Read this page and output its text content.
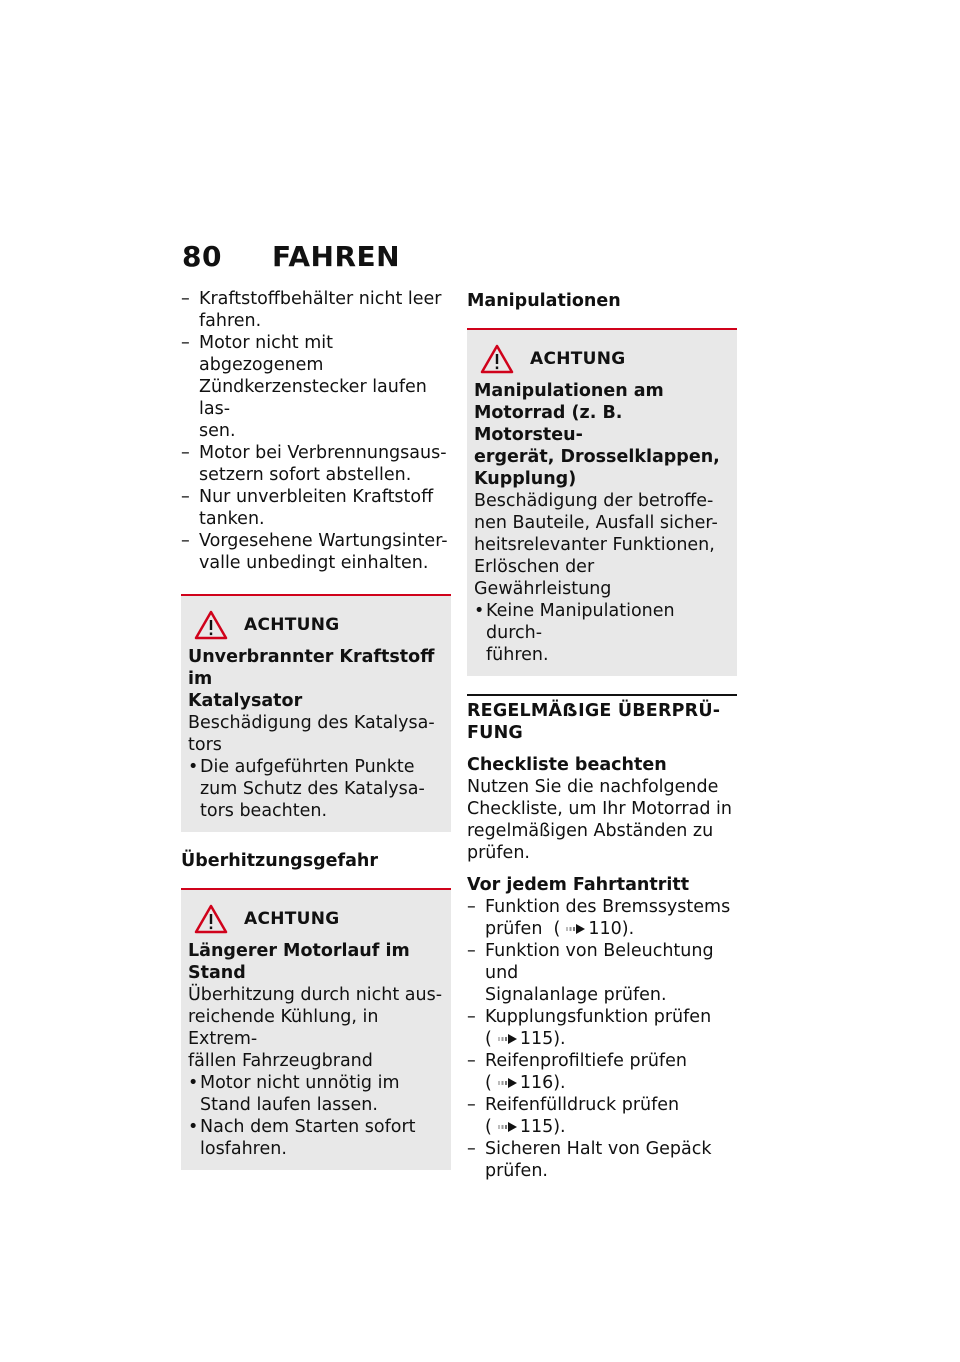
80 FAHREN
– Kraftstoffbehälter nicht leer
fahren.
– Motor nicht mit abgezogenem
Zündkerzenstecker laufen las-
sen.
– Motor bei Verbrennungsaus-
setzern sofort abstellen.
– Nur unverbleiten Kraftstoff
tanken.
– Vorgesehene Wartungsinter-
valle unbedingt einhalten.
ACHTUNG
Unverbrannter Kraftstoff im
Katalysator
Beschädigung des Katalysa-
tors
• Die aufgeführten Punkte
zum Schutz des Katalysa-
tors beachten.
Überhitzungsgefahr
ACHTUNG
Längerer Motorlauf im Stand
Überhitzung durch nicht aus-
reichende Kühlung, in Extrem-
fällen Fahrzeugbrand
• Motor nicht unnötig im
Stand laufen lassen.
• Nach dem Starten sofort
losfahren.
Manipulationen
ACHTUNG
Manipulationen am
Motorrad (z. B. Motorsteu-
ergerät, Drosselklappen,
Kupplung)
Beschädigung der betroffe-
nen Bauteile, Ausfall sicher-
heitsrelevanter Funktionen,
Erlöschen der Gewährleistung
• Keine Manipulationen durch-
führen.
REGELMÄẞIGE ÜBERPRÜ-
FUNG
Checkliste beachten
Nutzen Sie die nachfolgende
Checkliste, um Ihr Motorrad in
regelmäßigen Abständen zu
prüfen.
Vor jedem Fahrtantritt
– Funktion des Bremssystems
prüfen  ( 110).
– Funktion von Beleuchtung und
Signalanlage prüfen.
– Kupplungsfunktion prüfen
( 115).
– Reifenprofiltiefe prüfen
( 116).
– Reifenfülldruck prüfen
( 115).
– Sicheren Halt von Gepäck
prüfen.
